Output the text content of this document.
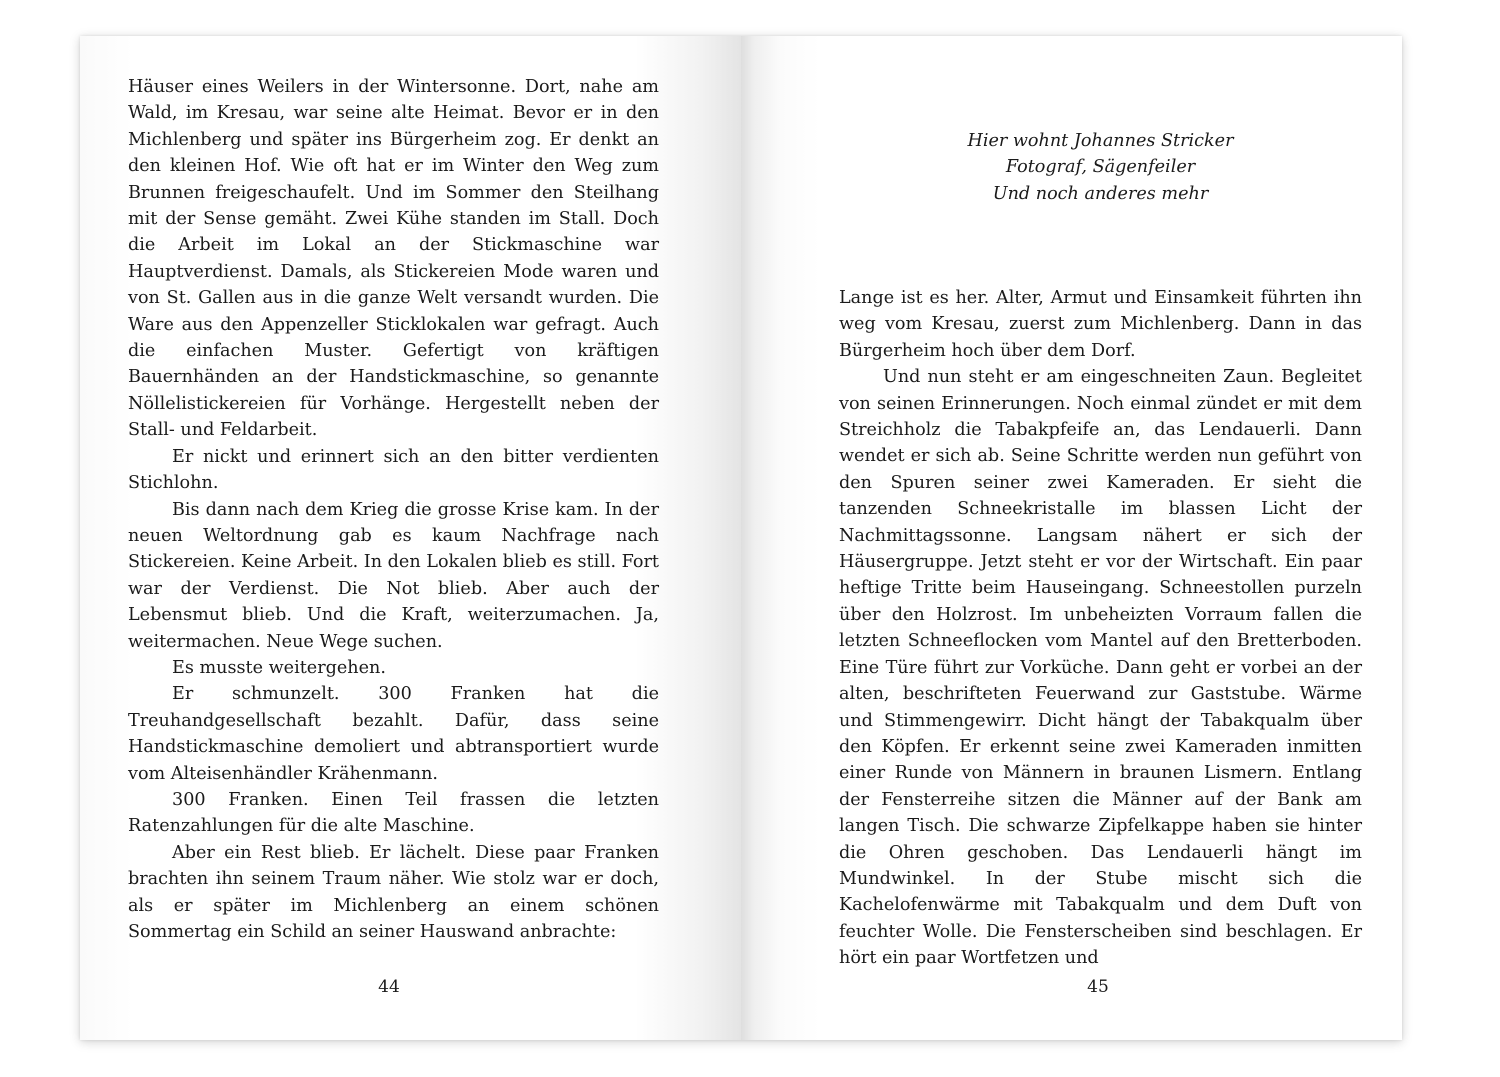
Häuser eines Weilers in der Wintersonne. Dort, nahe am Wald, im Kresau, war seine alte Heimat. Bevor er in den Michlenberg und später ins Bürgerheim zog. Er denkt an den kleinen Hof. Wie oft hat er im Winter den Weg zum Brunnen freigeschaufelt. Und im Sommer den Steilhang mit der Sense gemäht. Zwei Kühe standen im Stall. Doch die Arbeit im Lokal an der Stickmaschine war Hauptverdienst. Damals, als Stickereien Mode waren und von St. Gallen aus in die ganze Welt versandt wurden. Die Ware aus den Appenzeller Sticklokalen war gefragt. Auch die einfachen Muster. Gefertigt von kräftigen Bauernhänden an der Handstickmaschine, so genannte Nöllelistickereien für Vorhänge. Hergestellt neben der Stall- und Feldarbeit.

Er nickt und erinnert sich an den bitter verdienten Stichlohn.

Bis dann nach dem Krieg die grosse Krise kam. In der neuen Weltordnung gab es kaum Nachfrage nach Stickereien. Keine Arbeit. In den Lokalen blieb es still. Fort war der Verdienst. Die Not blieb. Aber auch der Lebensmut blieb. Und die Kraft, weiterzumachen. Ja, weitermachen. Neue Wege suchen.

Es musste weitergehen.

Er schmunzelt. 300 Franken hat die Treuhandgesellschaft bezahlt. Dafür, dass seine Handstickmaschine demoliert und abtransportiert wurde vom Alteisenhändler Krähenmann.

300 Franken. Einen Teil frassen die letzten Ratenzahlungen für die alte Maschine.

Aber ein Rest blieb. Er lächelt. Diese paar Franken brachten ihn seinem Traum näher. Wie stolz war er doch, als er später im Michlenberg an einem schönen Sommertag ein Schild an seiner Hauswand anbrachte:

44
Hier wohnt Johannes Stricker
Fotograf, Sägenfeiler
Und noch anderes mehr

Lange ist es her. Alter, Armut und Einsamkeit führten ihn weg vom Kresau, zuerst zum Michlenberg. Dann in das Bürgerheim hoch über dem Dorf.

Und nun steht er am eingeschneiten Zaun. Begleitet von seinen Erinnerungen. Noch einmal zündet er mit dem Streichholz die Tabakpfeife an, das Lendauerli. Dann wendet er sich ab. Seine Schritte werden nun geführt von den Spuren seiner zwei Kameraden. Er sieht die tanzenden Schneekristalle im blassen Licht der Nachmittagssonne. Langsam nähert er sich der Häusergruppe. Jetzt steht er vor der Wirtschaft. Ein paar heftige Tritte beim Hauseingang. Schneestollen purzeln über den Holzrost. Im unbeheizten Vorraum fallen die letzten Schneeflocken vom Mantel auf den Bretterboden. Eine Türe führt zur Vorküche. Dann geht er vorbei an der alten, beschrifteten Feuerwand zur Gaststube. Wärme und Stimmengewirr. Dicht hängt der Tabakqualm über den Köpfen. Er erkennt seine zwei Kameraden inmitten einer Runde von Männern in braunen Lismern. Entlang der Fensterreihe sitzen die Männer auf der Bank am langen Tisch. Die schwarze Zipfelkappe haben sie hinter die Ohren geschoben. Das Lendauerli hängt im Mundwinkel. In der Stube mischt sich die Kachelofenwärme mit Tabakqualm und dem Duft von feuchter Wolle. Die Fensterscheiben sind beschlagen. Er hört ein paar Wortfetzen und

45
